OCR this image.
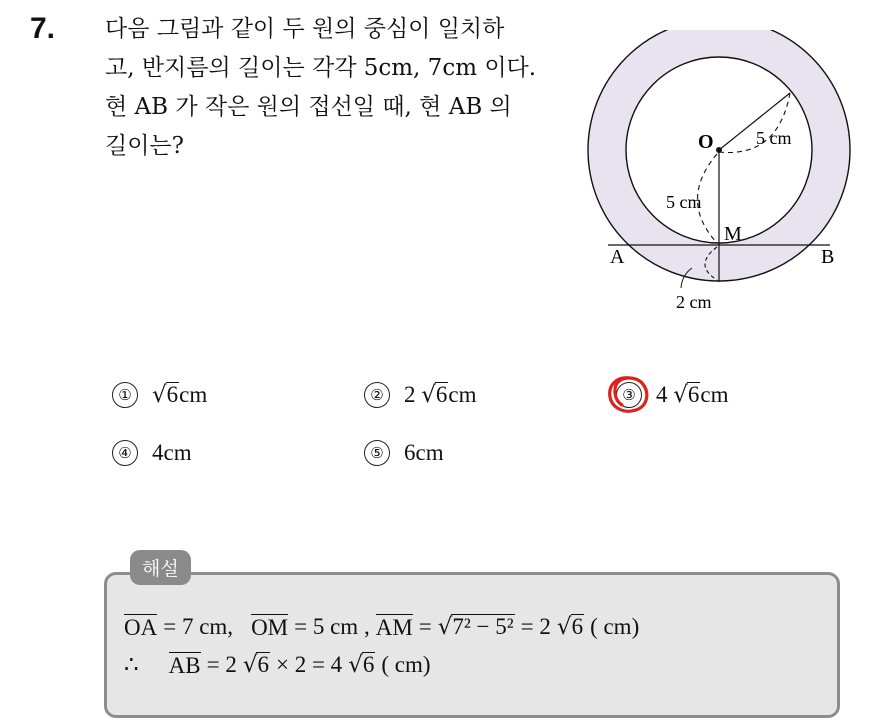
7. 다음 그림과 같이 두 원의 중심이 일치하
고, 반지름의 길이는 각각 5cm, 7cm 이다.
현 AB 가 작은 원의 접선일 때, 현 AB 의
길이는?	O
M
A	B
5 cm
5 cm
2 cm
① √ 6 cm	② 2 √ 6 cm	③ 4 √ 6 cm
④ 4cm	⑤ 6cm
해설
OA = 7 cm, OM = 5 cm , AM = √ 7² − 5² = 2 √ 6 ( cm)
∴ AB = 2 √ 6 × 2 = 4 √ 6 ( cm)
